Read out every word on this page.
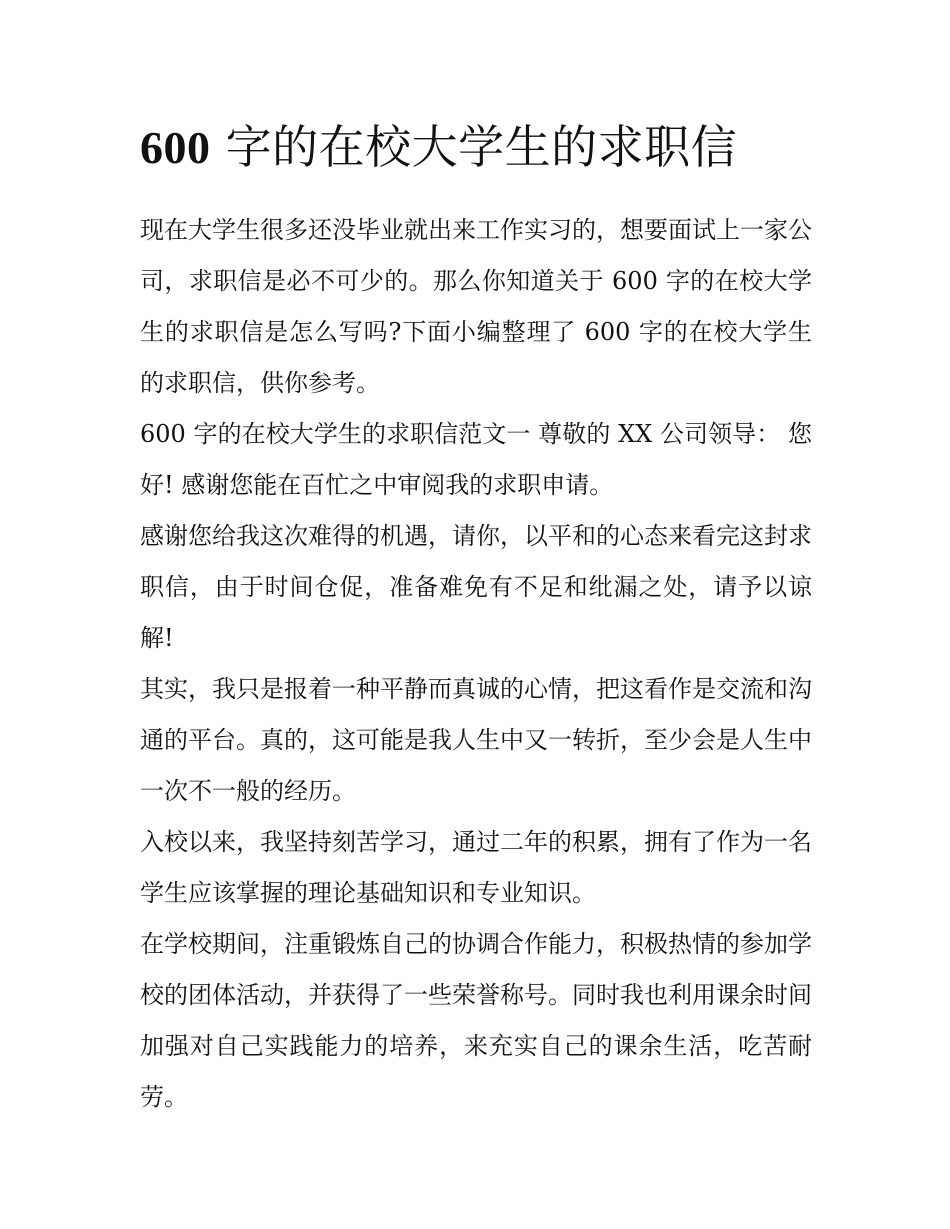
600 字的在校大学生的求职信

现在大学生很多还没毕业就出来工作实习的，想要面试上一家公司，求职信是必不可少的。那么你知道关于 600 字的在校大学生的求职信是怎么写吗?下面小编整理了 600 字的在校大学生的求职信，供你参考。

600 字的在校大学生的求职信范文一 尊敬的 XX 公司领导： 您好! 感谢您能在百忙之中审阅我的求职申请。

感谢您给我这次难得的机遇，请你，以平和的心态来看完这封求职信，由于时间仓促，准备难免有不足和纰漏之处，请予以谅解!

其实，我只是报着一种平静而真诚的心情，把这看作是交流和沟通的平台。真的，这可能是我人生中又一转折，至少会是人生中一次不一般的经历。

入校以来，我坚持刻苦学习，通过二年的积累，拥有了作为一名学生应该掌握的理论基础知识和专业知识。

在学校期间，注重锻炼自己的协调合作能力，积极热情的参加学校的团体活动，并获得了一些荣誉称号。同时我也利用课余时间加强对自己实践能力的培养，来充实自己的课余生活，吃苦耐劳。
